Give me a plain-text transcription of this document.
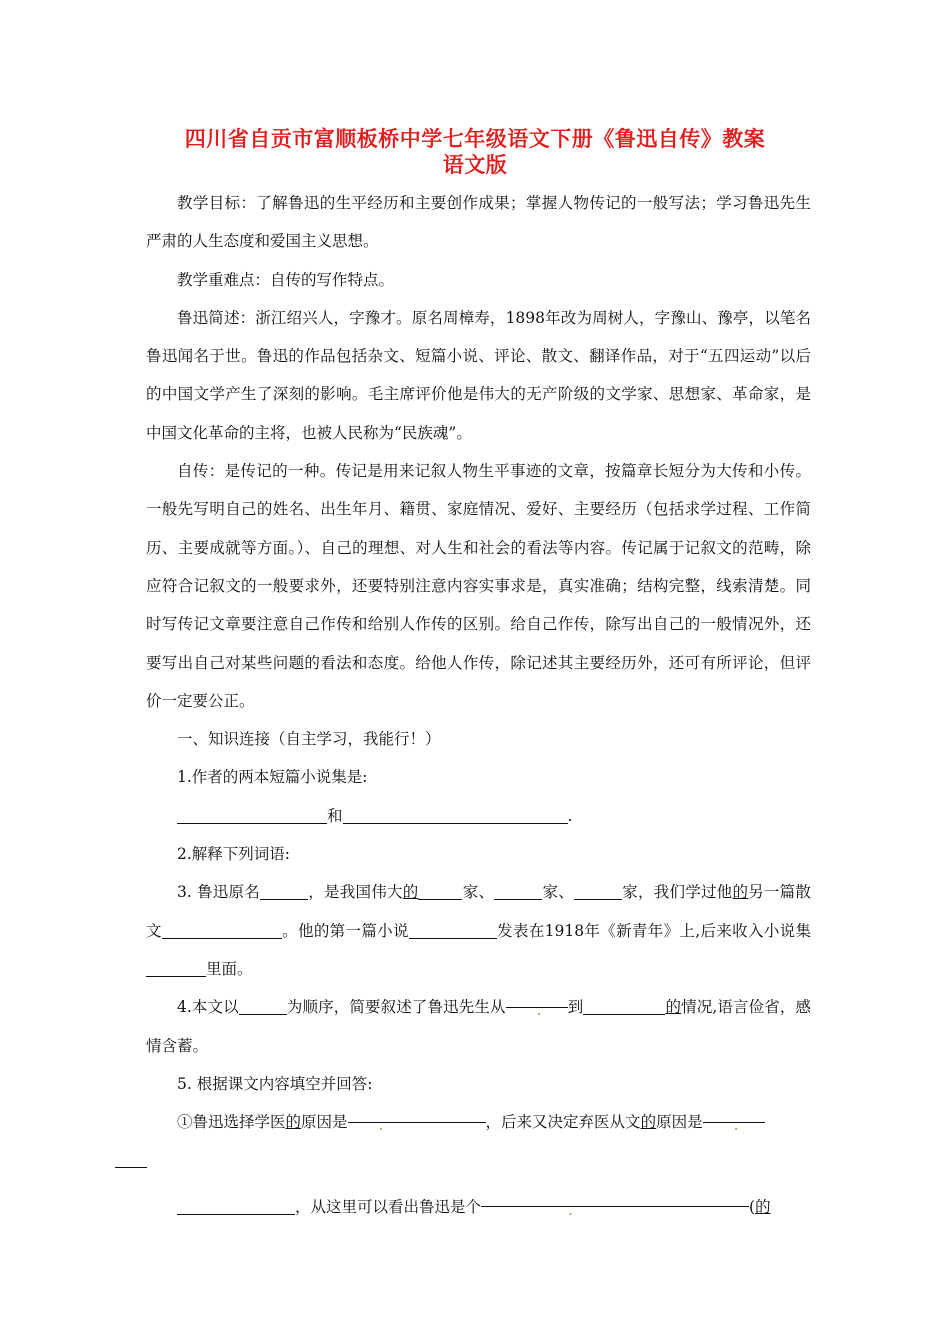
四川省自贡市富顺板桥中学七年级语文下册《鲁迅自传》教案
语文版

教学目标：了解鲁迅的生平经历和主要创作成果；掌握人物传记的一般写法；学习鲁迅先生严肃的人生态度和爱国主义思想。

教学重难点：自传的写作特点。

鲁迅简述：浙江绍兴人，字豫才。原名周樟寿，1898年改为周树人，字豫山、豫亭，以笔名鲁迅闻名于世。鲁迅的作品包括杂文、短篇小说、评论、散文、翻译作品，对于“五四运动”以后的中国文学产生了深刻的影响。毛主席评价他是伟大的无产阶级的文学家、思想家、革命家，是中国文化革命的主将，也被人民称为“民族魂”。

自传：是传记的一种。传记是用来记叙人物生平事迹的文章，按篇章长短分为大传和小传。一般先写明自己的姓名、出生年月、籍贯、家庭情况、爱好、主要经历（包括求学过程、工作简历、主要成就等方面。）、自己的理想、对人生和社会的看法等内容。传记属于记叙文的范畴，除应符合记叙文的一般要求外，还要特别注意内容实事求是，真实准确；结构完整，线索清楚。同时写传记文章要注意自己作传和给别人作传的区别。给自己作传，除写出自己的一般情况外，还要写出自己对某些问题的看法和态度。给他人作传，除记述其主要经历外，还可有所评论，但评价一定要公正。

一、知识连接（自主学习，我能行！）

1.作者的两本短篇小说集是:

和	.

2.解释下列词语:

3. 鲁迅原名	，是我国伟大的	家、	家、	家，我们学过他的另一篇散文	。他的第一篇小说	发表在1918年《新青年》上,后来收入小说集里面。

4.本文以	为顺序，简要叙述了鲁迅先生从 . 到	的情况,语言俭省，感情含蓄。

5. 根据课文内容填空并回答:

①鲁迅选择学医的原因是 .	，后来又决定弃医从文的原因是 .

，从这里可以看出鲁迅是个	.	(的
